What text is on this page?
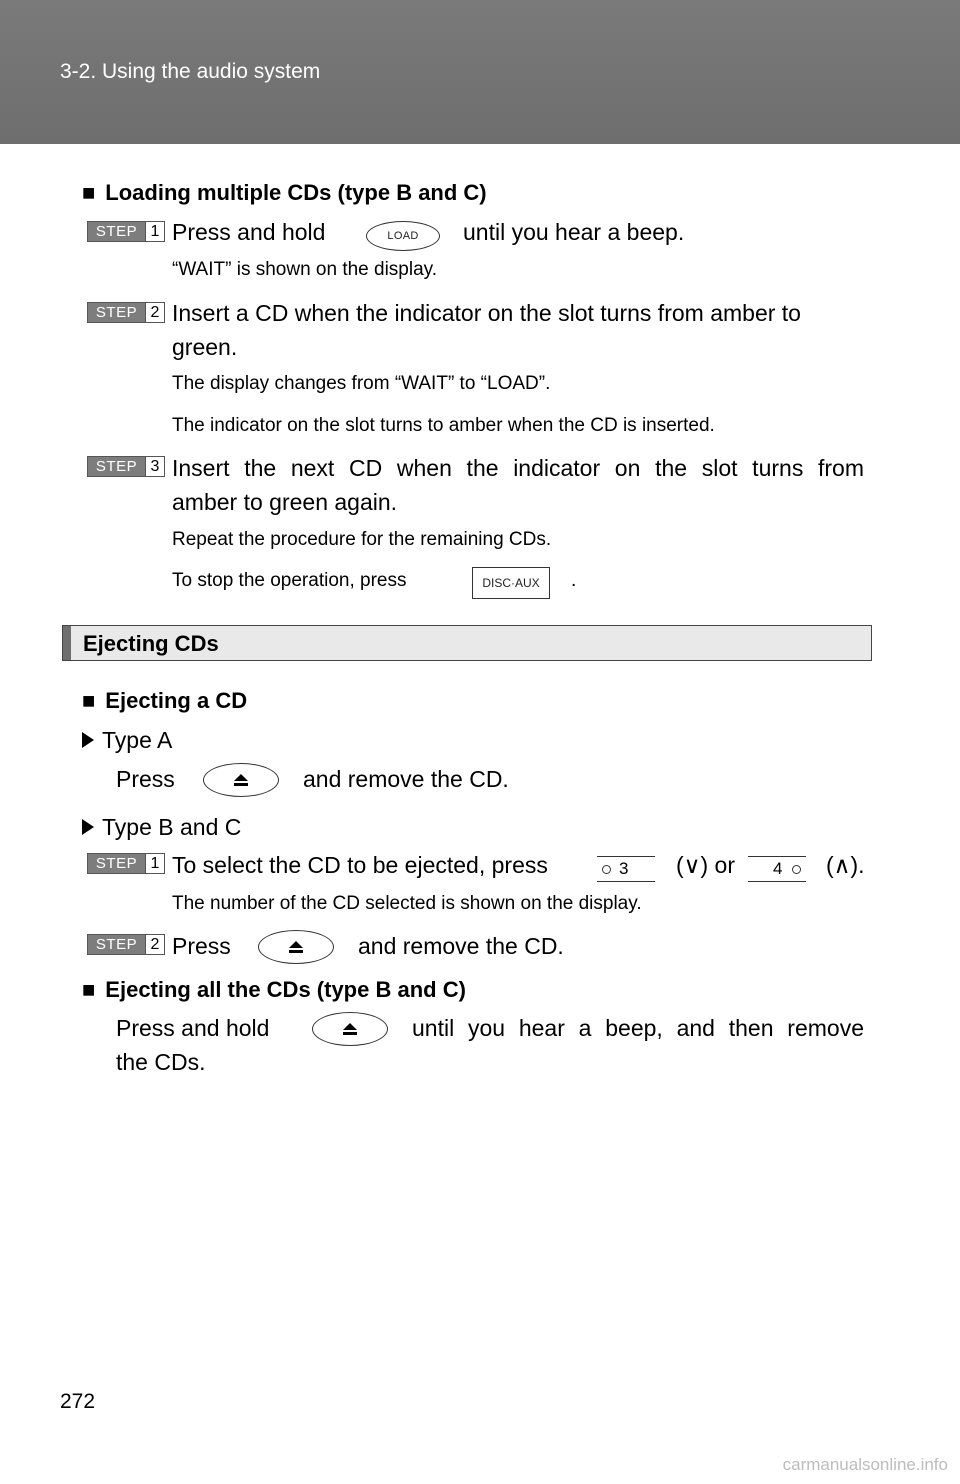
3-2. Using the audio system
■ Loading multiple CDs (type B and C)
STEP 1 Press and hold	LOAD	until you hear a beep.
“WAIT” is shown on the display.
STEP 2 Insert a CD when the indicator on the slot turns from amber to
green.
The display changes from “WAIT” to “LOAD”.
The indicator on the slot turns to amber when the CD is inserted.
STEP 3 Insert the next CD when the indicator on the slot turns from
amber to green again.
Repeat the procedure for the remaining CDs.
To stop the operation, press	DISC·AUX	.
Ejecting CDs
■ Ejecting a CD
Type A
Press	and remove the CD.
Type B and C
STEP 1 To select the CD to be ejected, press	3 (∨) or 4 (∧).
The number of the CD selected is shown on the display.
STEP 2 Press	and remove the CD.
■ Ejecting all the CDs (type B and C)
Press and hold	until you hear a beep, and then remove
the CDs.
272
carmanualsonline.info
